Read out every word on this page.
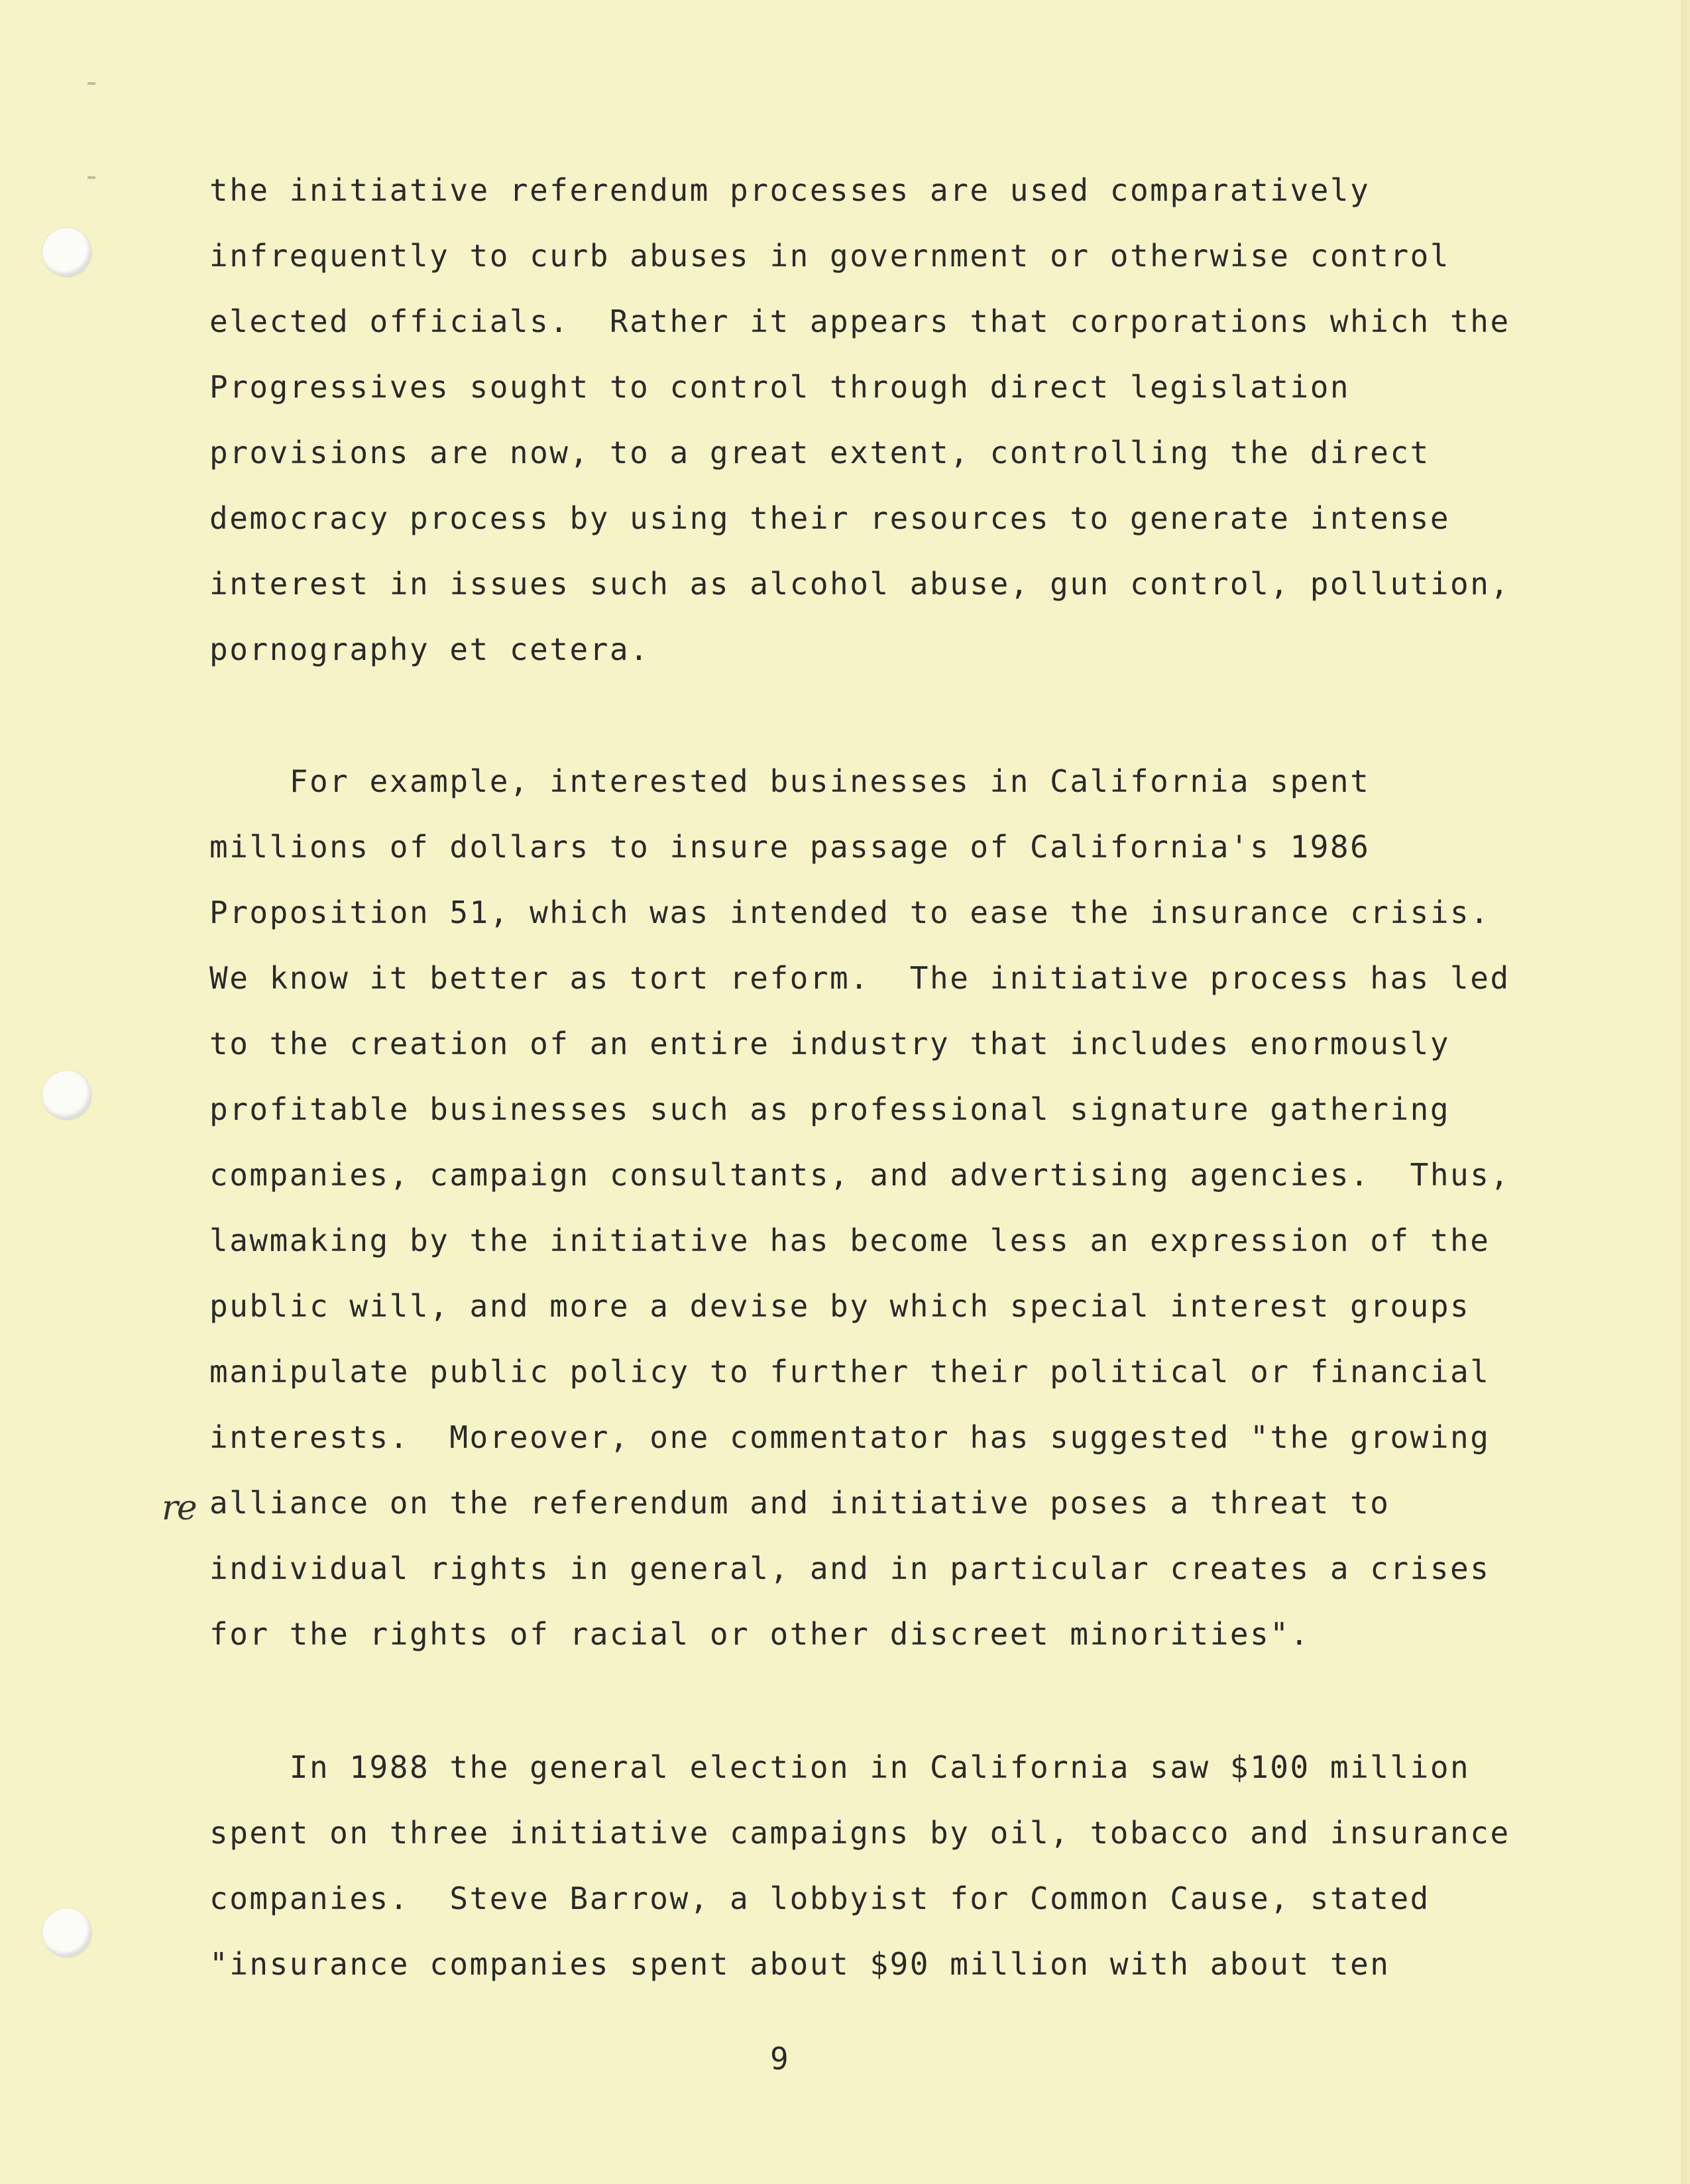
the initiative referendum processes are used comparatively
infrequently to curb abuses in government or otherwise control
elected officials.  Rather it appears that corporations which the
Progressives sought to control through direct legislation
provisions are now, to a great extent, controlling the direct
democracy process by using their resources to generate intense
interest in issues such as alcohol abuse, gun control, pollution,
pornography et cetera.
For example, interested businesses in California spent
millions of dollars to insure passage of California's 1986
Proposition 51, which was intended to ease the insurance crisis.
We know it better as tort reform.  The initiative process has led
to the creation of an entire industry that includes enormously
profitable businesses such as professional signature gathering
companies, campaign consultants, and advertising agencies.  Thus,
lawmaking by the initiative has become less an expression of the
public will, and more a devise by which special interest groups
manipulate public policy to further their political or financial
interests.  Moreover, one commentator has suggested "the growing
re alliance on the referendum and initiative poses a threat to
individual rights in general, and in particular creates a crises
for the rights of racial or other discreet minorities".
In 1988 the general election in California saw $100 million
spent on three initiative campaigns by oil, tobacco and insurance
companies.  Steve Barrow, a lobbyist for Common Cause, stated
"insurance companies spent about $90 million with about ten
9
